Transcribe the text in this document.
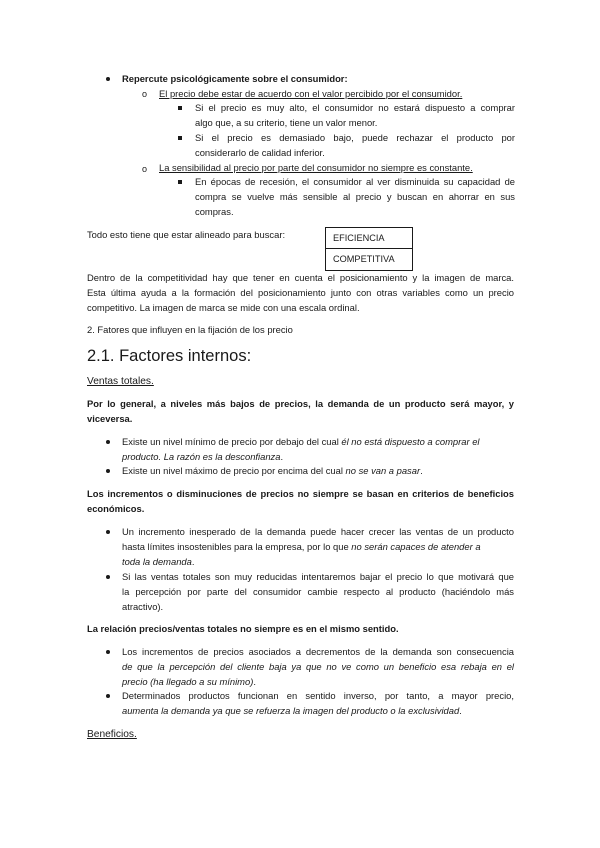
Repercute psicológicamente sobre el consumidor:
o El precio debe estar de acuerdo con el valor percibido por el consumidor.
Si el precio es muy alto, el consumidor no estará dispuesto a comprar
algo que, a su criterio, tiene un valor menor.
Si el precio es demasiado bajo, puede rechazar el producto por
considerarlo de calidad inferior.
o La sensibilidad al precio por parte del consumidor no siempre es constante.
En épocas de recesión, el consumidor al ver disminuida su capacidad de
compra se vuelve más sensible al precio y buscan en ahorrar en sus
compras.
Todo esto tiene que estar alineado para buscar:	EFICIENCIA
COMPETITIVA
Dentro de la competitividad hay que tener en cuenta el posicionamiento y la imagen de marca.
Esta última ayuda a la formación del posicionamiento junto con otras variables como un precio
competitivo. La imagen de marca se mide con una escala ordinal.
2. Fatores que influyen en la fijación de los precio
2.1. Factores internos:
Ventas totales.
Por lo general, a niveles más bajos de precios, la demanda de un producto será mayor, y
viceversa.
Existe un nivel mínimo de precio por debajo del cual él no está dispuesto a comprar el
producto. La razón es la desconfianza.
Existe un nivel máximo de precio por encima del cual no se van a pasar.
Los incrementos o disminuciones de precios no siempre se basan en criterios de beneficios
económicos.
Un incremento inesperado de la demanda puede hacer crecer las ventas de un producto
hasta límites insostenibles para la empresa, por lo que no serán capaces de atender a
toda la demanda.
Si las ventas totales son muy reducidas intentaremos bajar el precio lo que motivará que
la percepción por parte del consumidor cambie respecto al producto (haciéndolo más
atractivo).
La relación precios/ventas totales no siempre es en el mismo sentido.
Los incrementos de precios asociados a decrementos de la demanda son consecuencia
de que la percepción del cliente baja ya que no ve como un beneficio esa rebaja en el
precio (ha llegado a su mínimo).
Determinados productos funcionan en sentido inverso, por tanto, a mayor precio,
aumenta la demanda ya que se refuerza la imagen del producto o la exclusividad.
Beneficios.
